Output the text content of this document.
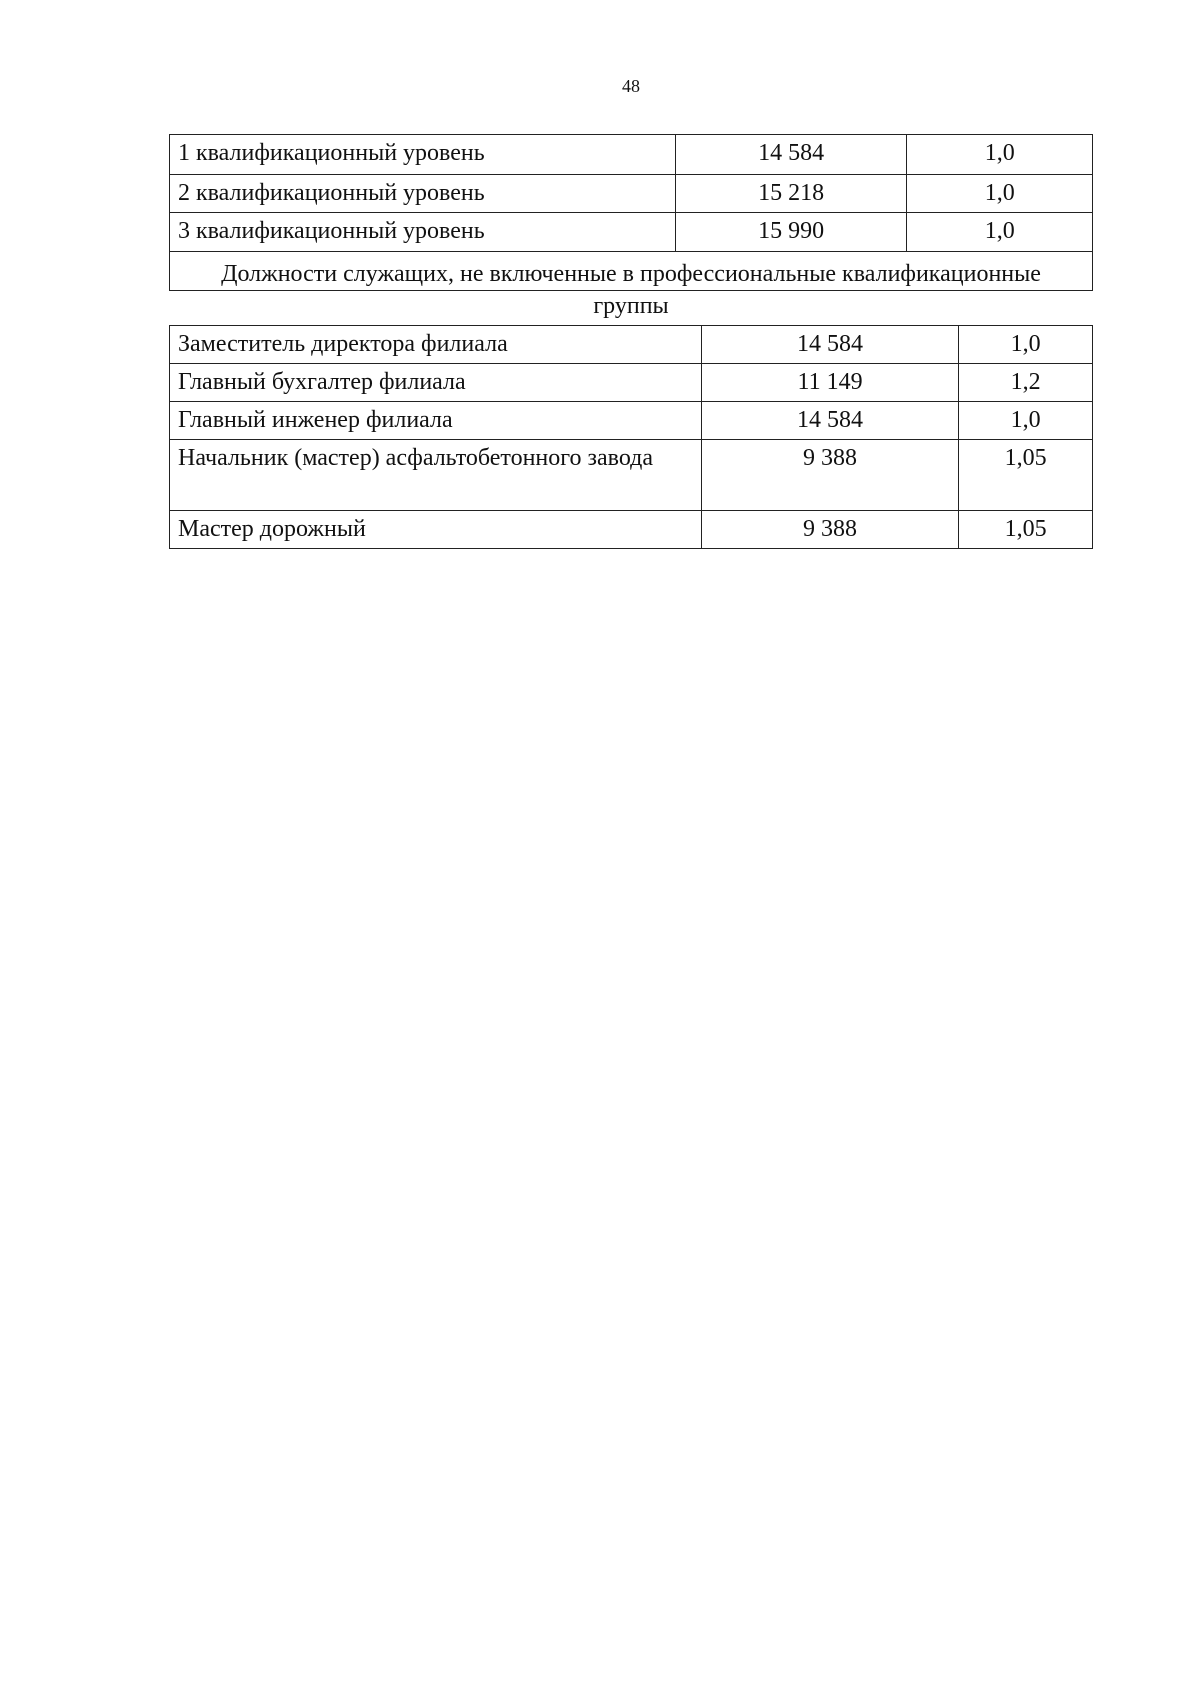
48
1 квалификационный уровень	14 584	1,0
2 квалификационный уровень	15 218	1,0
3 квалификационный уровень	15 990	1,0
Должности служащих, не включенные в профессиональные квалификационные группы
Заместитель директора филиала	14 584	1,0
Главный бухгалтер филиала	11 149	1,2
Главный инженер филиала	14 584	1,0
Начальник (мастер) асфальтобетонного завода	9 388	1,05
Мастер дорожный	9 388	1,05
